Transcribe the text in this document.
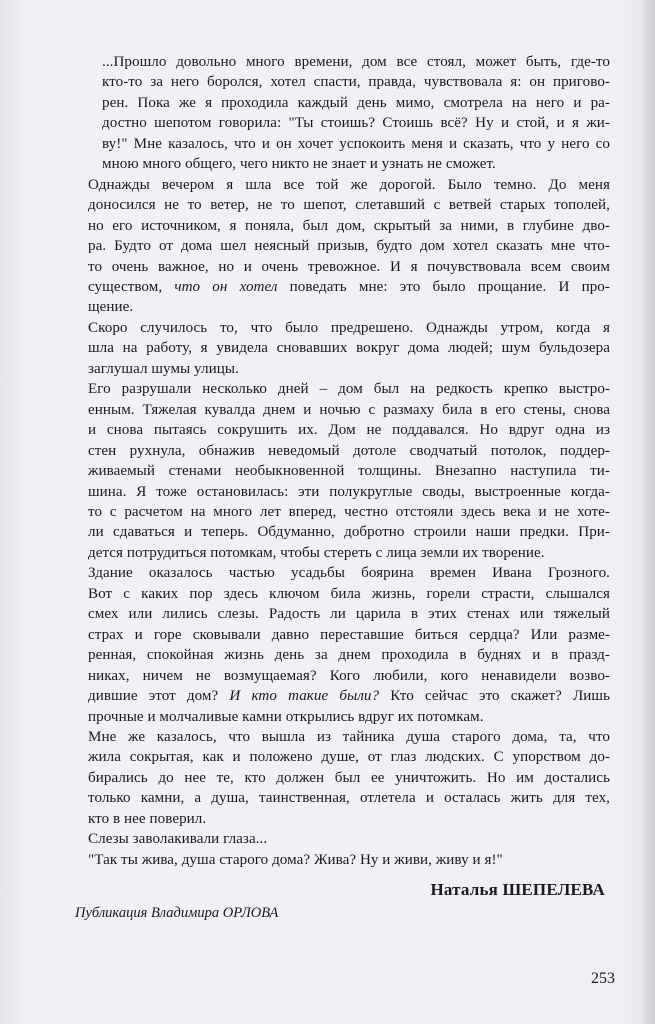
...Прошло довольно много времени, дом все стоял, может быть, где-то
кто-то за него боролся, хотел спасти, правда, чувствовала я: он пригово-
рен. Пока же я проходила каждый день мимо, смотрела на него и ра-
достно шепотом говорила: "Ты стоишь? Стоишь всё? Ну и стой, и я жи-
ву!" Мне казалось, что и он хочет успокоить меня и сказать, что у него со
мною много общего, чего никто не знает и узнать не сможет.

Однажды вечером я шла все той же дорогой. Было темно. До меня
доносился не то ветер, не то шепот, слетавший с ветвей старых тополей,
но его источником, я поняла, был дом, скрытый за ними, в глубине дво-
ра. Будто от дома шел неясный призыв, будто дом хотел сказать мне что-
то очень важное, но и очень тревожное. И я почувствовала всем своим
существом, что он хотел поведать мне: это было прощание. И про-
щение.

Скоро случилось то, что было предрешено. Однажды утром, когда я
шла на работу, я увидела сновавших вокруг дома людей; шум бульдозера
заглушал шумы улицы.

Его разрушали несколько дней – дом был на редкость крепко выстро-
енным. Тяжелая кувалда днем и ночью с размаху била в его стены, снова
и снова пытаясь сокрушить их. Дом не поддавался. Но вдруг одна из
стен рухнула, обнажив неведомый дотоле сводчатый потолок, поддер-
живаемый стенами необыкновенной толщины. Внезапно наступила ти-
шина. Я тоже остановилась: эти полукруглые своды, выстроенные когда-
то с расчетом на много лет вперед, честно отстояли здесь века и не хоте-
ли сдаваться и теперь. Обдуманно, добротно строили наши предки. При-
дется потрудиться потомкам, чтобы стереть с лица земли их творение.

Здание оказалось частью усадьбы боярина времен Ивана Грозного.
Вот с каких пор здесь ключом била жизнь, горели страсти, слышался
смех или лились слезы. Радость ли царила в этих стенах или тяжелый
страх и горе сковывали давно переставшие биться сердца? Или разме-
ренная, спокойная жизнь день за днем проходила в буднях и в празд-
никах, ничем не возмущаемая? Кого любили, кого ненавидели возво-
дившие этот дом? И кто такие были? Кто сейчас это скажет? Лишь
прочные и молчаливые камни открылись вдруг их потомкам.

Мне же казалось, что вышла из тайника душа старого дома, та, что
жила сокрытая, как и положено душе, от глаз людских. С упорством до-
бирались до нее те, кто должен был ее уничтожить. Но им достались
только камни, а душа, таинственная, отлетела и осталась жить для тех,
кто в нее поверил.

Слезы заволакивали глаза...

"Так ты жива, душа старого дома? Жива? Ну и живи, живу и я!"

Наталья ШЕПЕЛЕВА
Публикация Владимира ОРЛОВА
253
